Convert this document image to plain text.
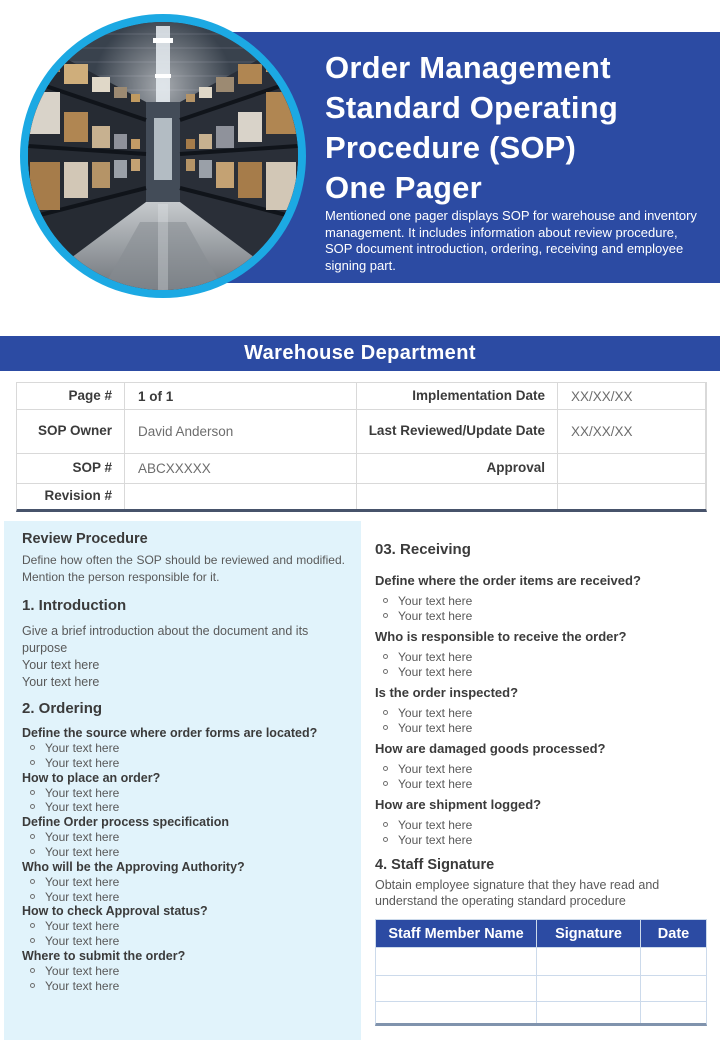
Order Management
Standard Operating
Procedure (SOP)
One Pager
Mentioned one pager displays SOP for warehouse and inventory management. It includes information about review procedure, SOP document introduction, ordering, receiving and employee signing part.
Warehouse Department
Page #	1 of 1	Implementation Date	XX/XX/XX
SOP Owner	David Anderson	Last Reviewed/Update Date	XX/XX/XX
SOP #	ABCXXXXX	Approval
Revision #
Review Procedure

Define how often the SOP should be reviewed and modified. Mention the person responsible for it.

1. Introduction
Give a brief introduction about the document and its purpose
Your text here
Your text here
2. Ordering
Define the source where order forms are located?
Your text here
Your text here
How to place an order?
Your text here
Your text here
Define Order process specification
Your text here
Your text here
Who will be the Approving Authority?
Your text here
Your text here
How to check Approval status?
Your text here
Your text here
Where to submit the order?
Your text here
Your text here
03. Receiving
Define where the order items are received?
Your text here
Your text here
Who is responsible to receive the order?
Your text here
Your text here
Is the order inspected?
Your text here
Your text here
How are damaged goods processed?
Your text here
Your text here
How are shipment logged?
Your text here
Your text here
4. Staff Signature

Obtain employee signature that they have read and understand the operating standard procedure

Staff Member Name	Signature	Date
